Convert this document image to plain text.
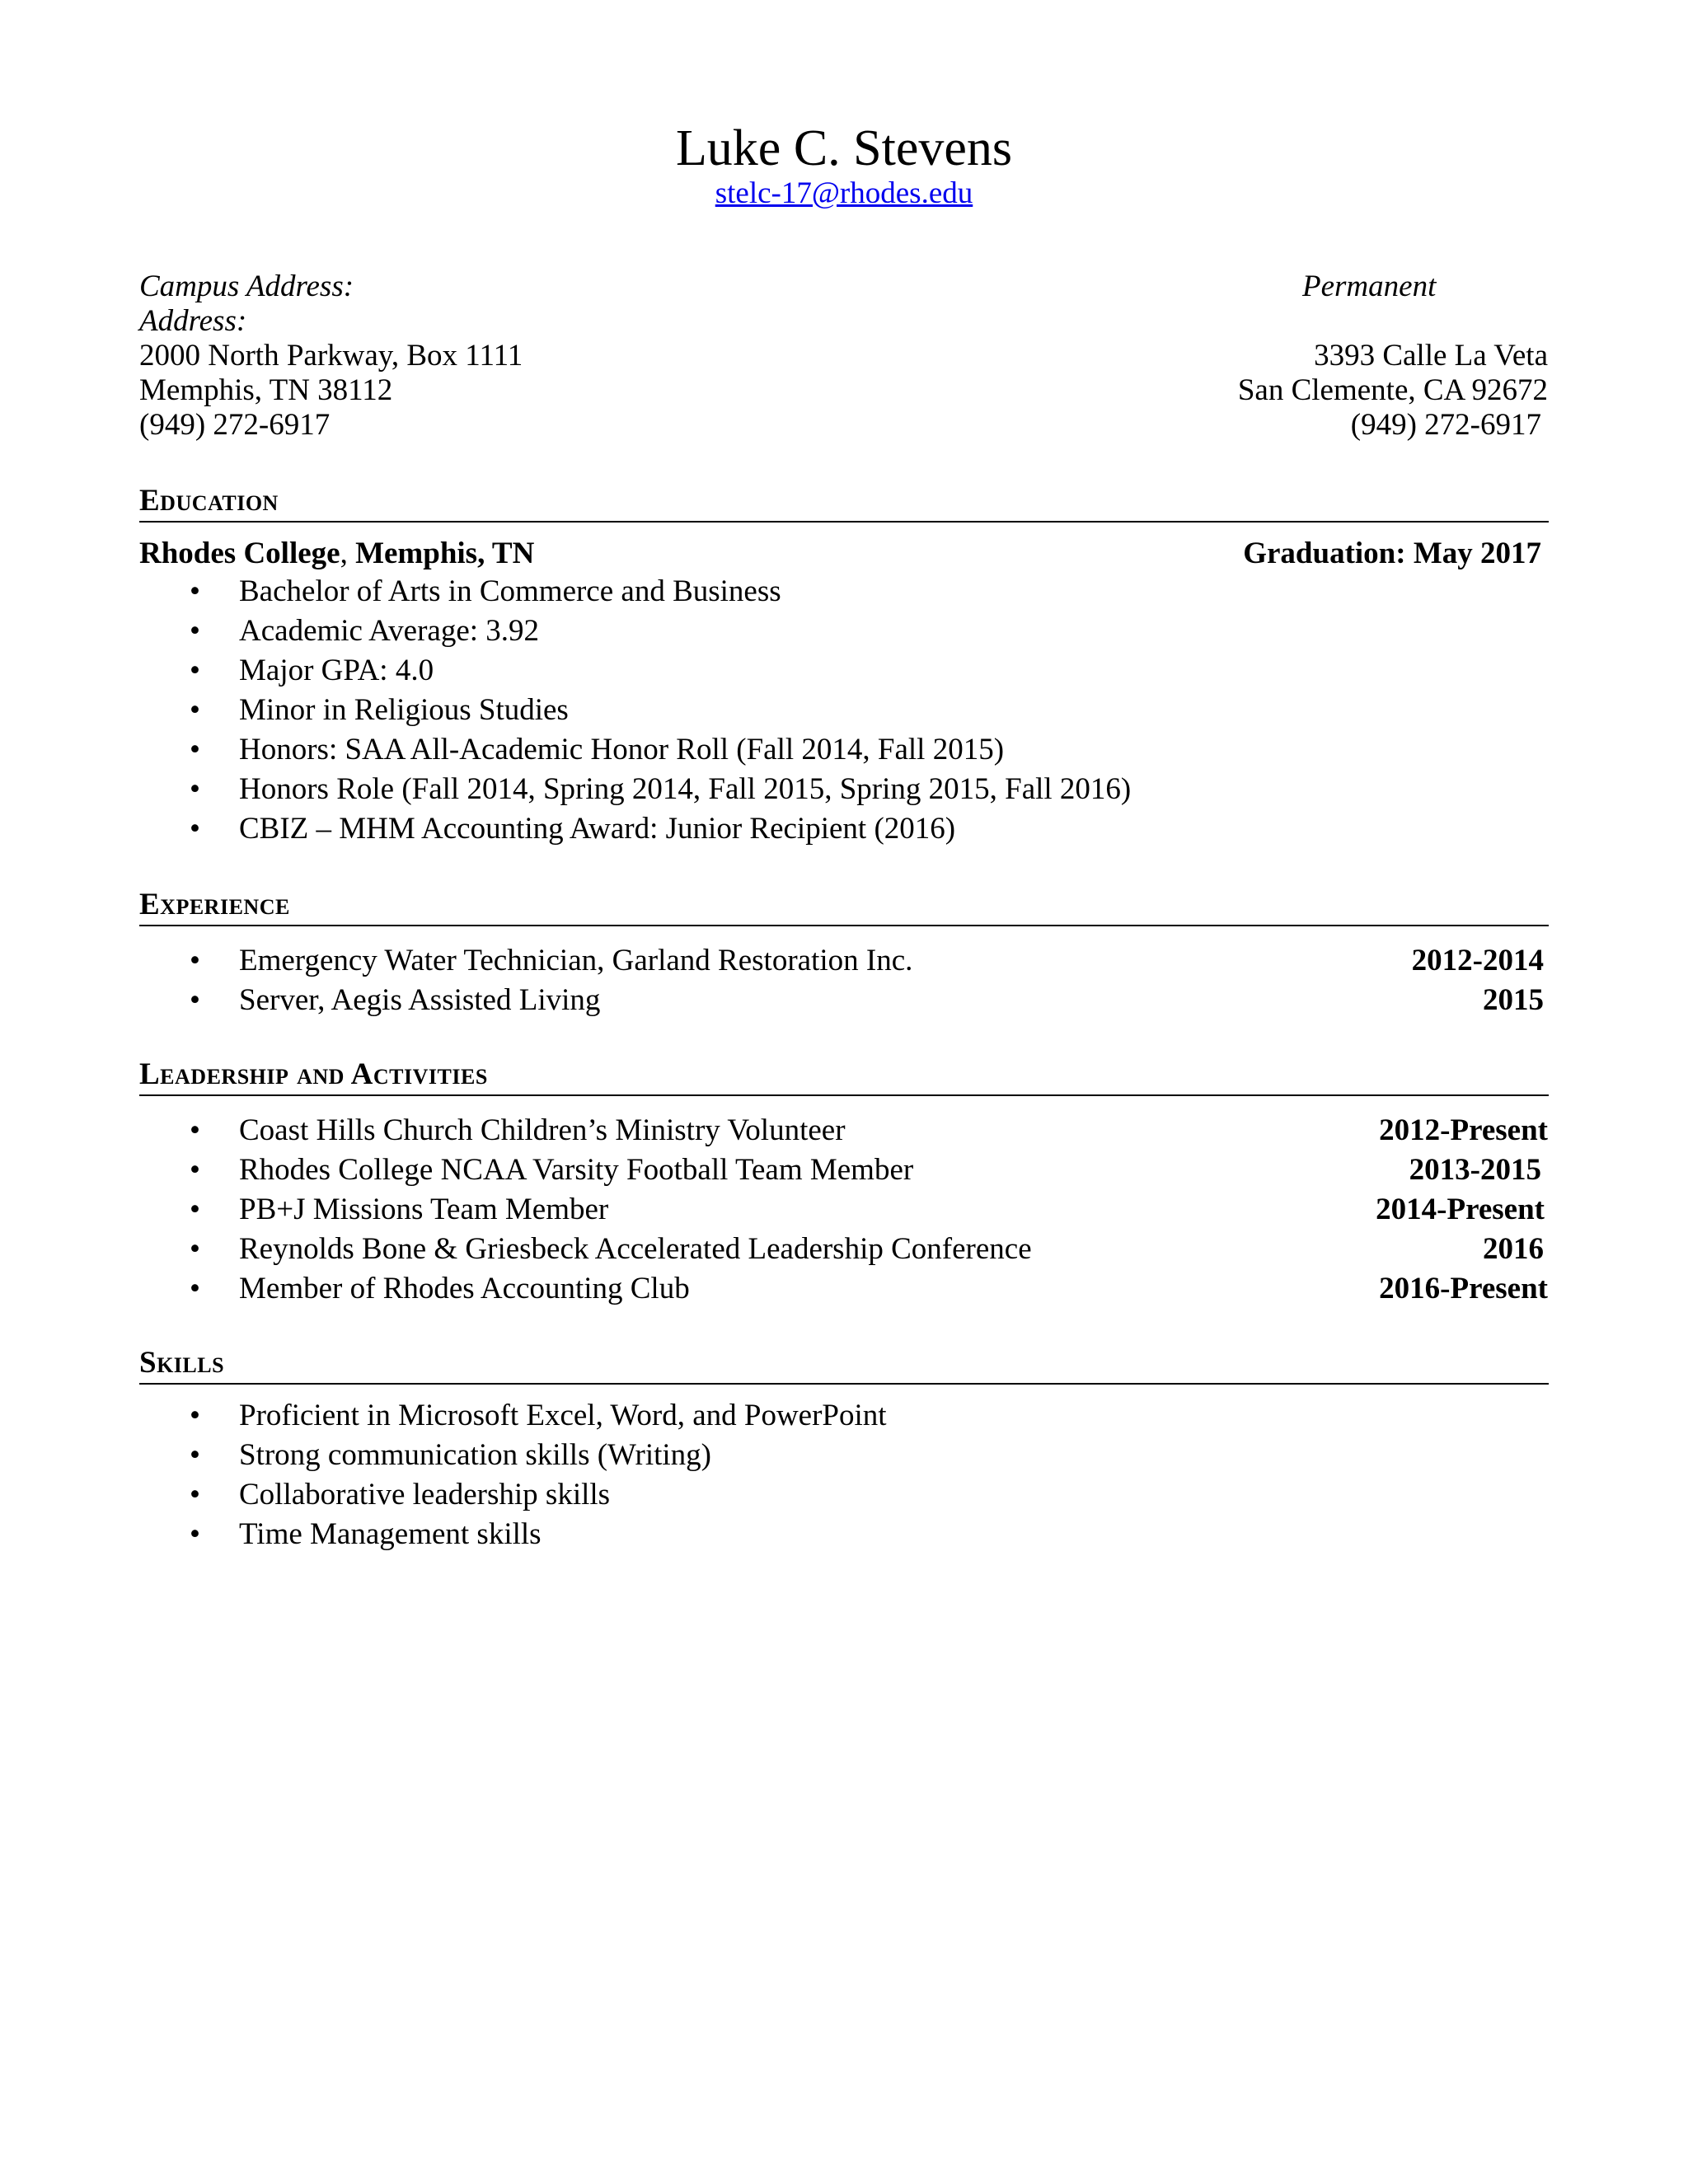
Luke C. Stevens
stelc-17@rhodes.edu
Campus Address:
Address:
2000 North Parkway, Box 1111
Memphis, TN 38112
(949) 272-6917
Permanent
3393 Calle La Veta
San Clemente, CA 92672
(949) 272-6917
Education
Rhodes College, Memphis, TN	Graduation: May 2017
• Bachelor of Arts in Commerce and Business
• Academic Average: 3.92
• Major GPA: 4.0
• Minor in Religious Studies
• Honors: SAA All-Academic Honor Roll (Fall 2014, Fall 2015)
• Honors Role (Fall 2014, Spring 2014, Fall 2015, Spring 2015, Fall 2016)
• CBIZ – MHM Accounting Award: Junior Recipient (2016)
Experience
• Emergency Water Technician, Garland Restoration Inc.	2012-2014
• Server, Aegis Assisted Living	2015
Leadership and Activities
• Coast Hills Church Children’s Ministry Volunteer	2012-Present
• Rhodes College NCAA Varsity Football Team Member	2013-2015
• PB+J Missions Team Member	2014-Present
• Reynolds Bone & Griesbeck Accelerated Leadership Conference	2016
• Member of Rhodes Accounting Club	2016-Present
Skills
• Proficient in Microsoft Excel, Word, and PowerPoint
• Strong communication skills (Writing)
• Collaborative leadership skills
• Time Management skills
